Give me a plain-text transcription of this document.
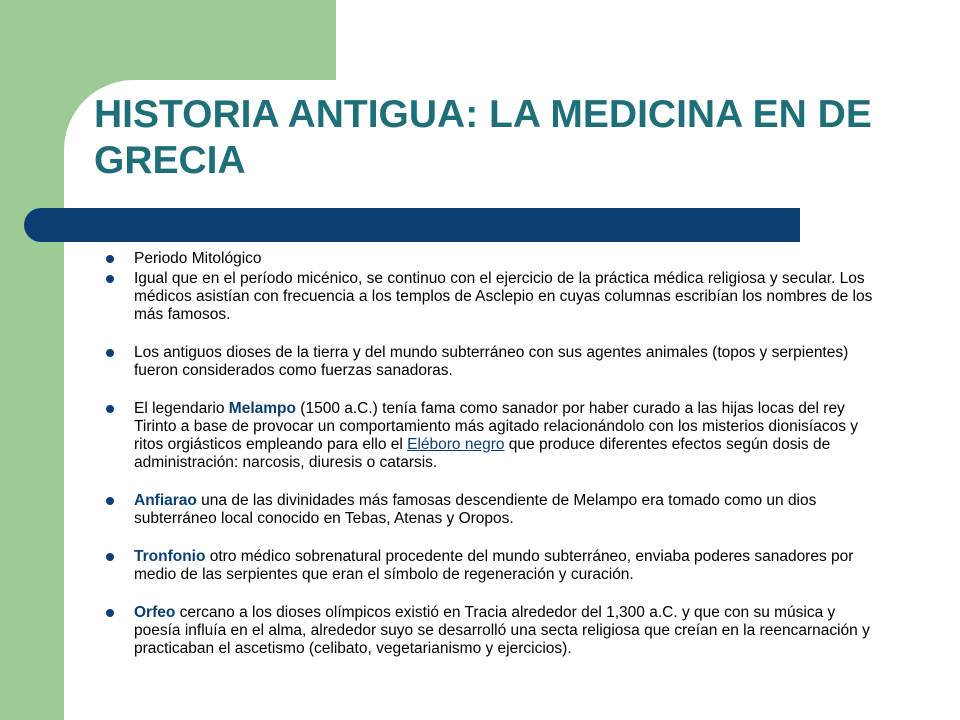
HISTORIA ANTIGUA: LA MEDICINA EN DE GRECIA
Periodo Mitológico
Igual que en el período micénico, se continuo con el ejercicio de la práctica médica religiosa y secular. Los médicos asistían con frecuencia a los templos de Asclepio en cuyas columnas escribían los nombres de los más famosos.
Los antiguos dioses de la tierra y del mundo subterráneo con sus agentes animales (topos y serpientes) fueron considerados como fuerzas sanadoras.
El legendario Melampo (1500 a.C.) tenía fama como sanador por haber curado a las hijas locas del rey Tirinto a base de provocar un comportamiento más agitado relacionándolo con los misterios dionisíacos y ritos orgiásticos empleando para ello el Eléboro negro que produce diferentes efectos según dosis de administración: narcosis, diuresis o catarsis.
Anfiarao una de las divinidades más famosas descendiente de Melampo era tomado como un dios subterráneo local conocido en Tebas, Atenas y Oropos.
Tronfonio otro médico sobrenatural procedente del mundo subterráneo, enviaba poderes sanadores por medio de las serpientes que eran el símbolo de regeneración y curación.
Orfeo cercano a los dioses olímpicos existió en Tracia alrededor del 1,300 a.C. y que con su música y poesía influía en el alma, alrededor suyo se desarrolló una secta religiosa que creían en la reencarnación y practicaban el ascetismo (celibato, vegetarianismo y ejercicios).
